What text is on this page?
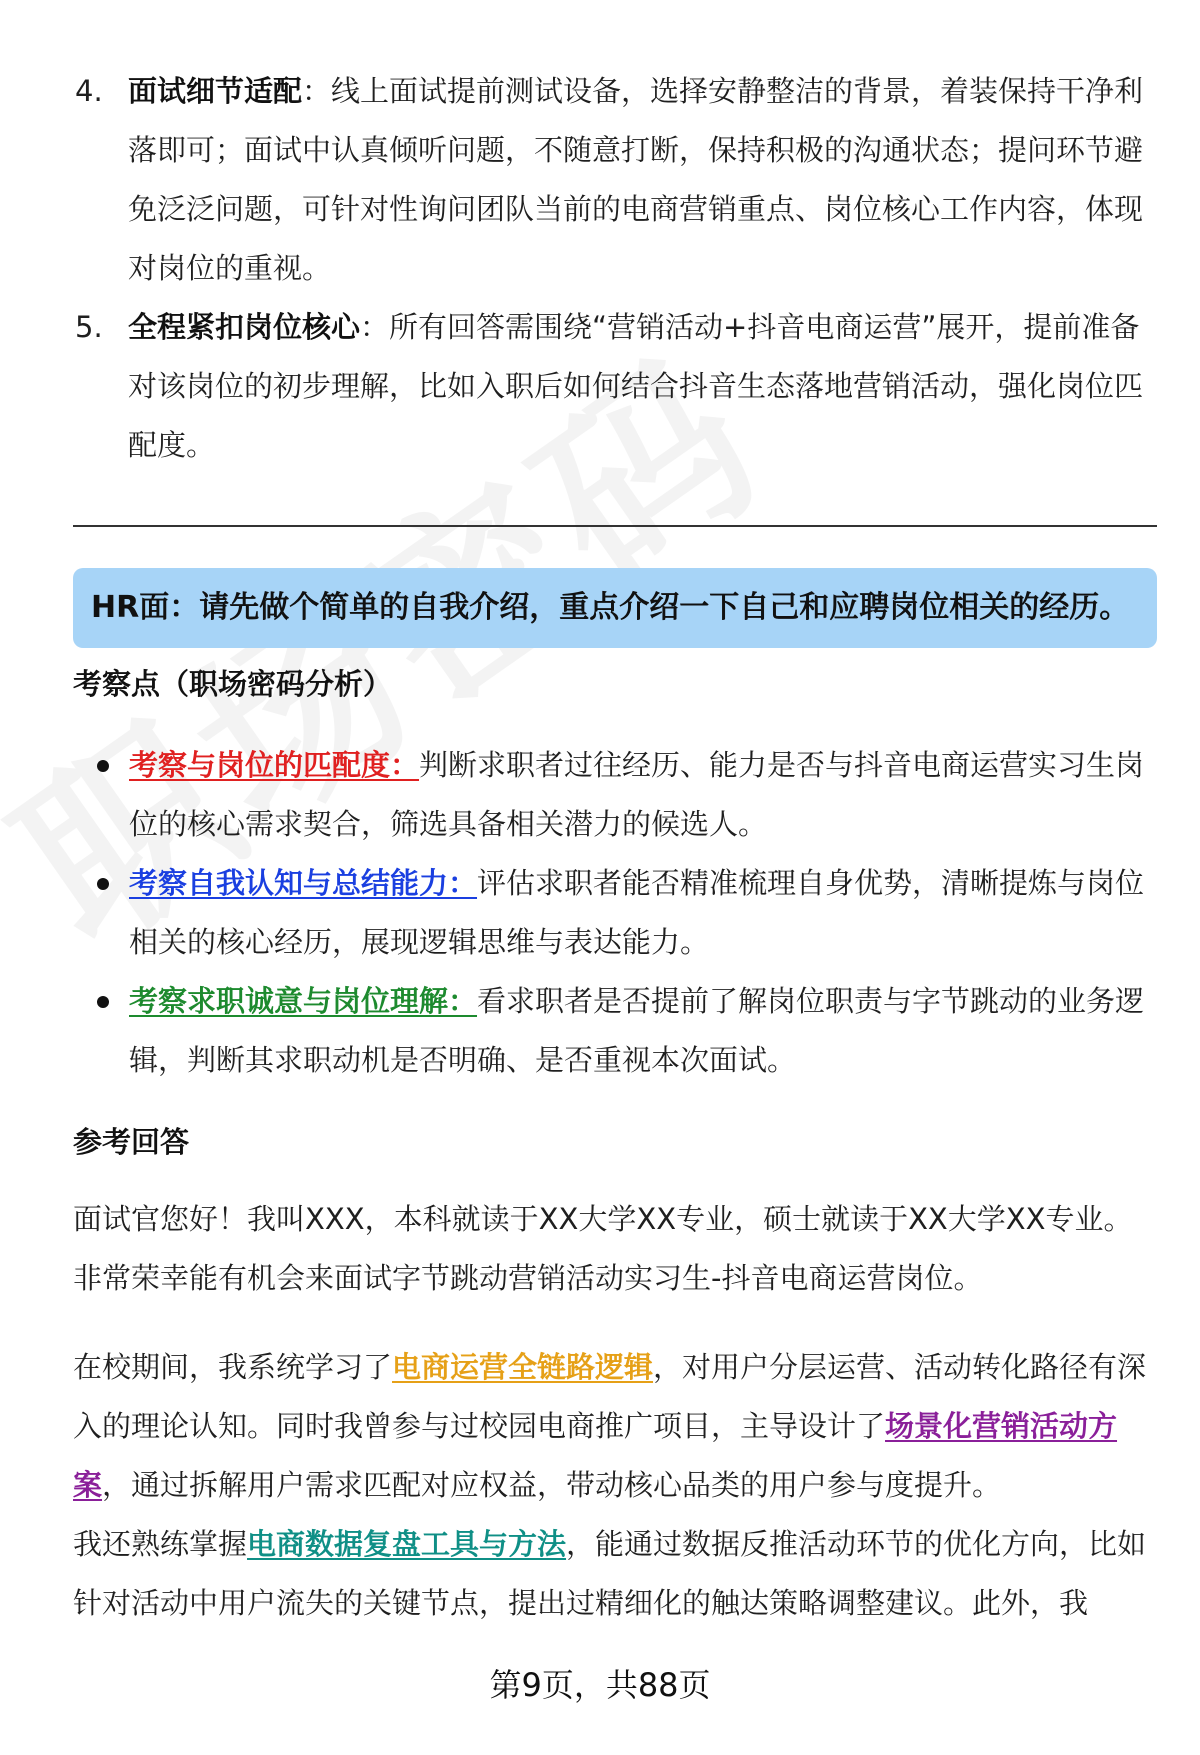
4. 面试细节适配：线上面试提前测试设备，选择安静整洁的背景，着装保持干净利落即可；面试中认真倾听问题，不随意打断，保持积极的沟通状态；提问环节避免泛泛问题，可针对性询问团队当前的电商营销重点、岗位核心工作内容，体现对岗位的重视。
5. 全程紧扣岗位核心：所有回答需围绕“营销活动+抖音电商运营”展开，提前准备对该岗位的初步理解，比如入职后如何结合抖音生态落地营销活动，强化岗位匹配度。
HR面：请先做个简单的自我介绍，重点介绍一下自己和应聘岗位相关的经历。
考察点（职场密码分析）
考察与岗位的匹配度：判断求职者过往经历、能力是否与抖音电商运营实习生岗位的核心需求契合，筛选具备相关潜力的候选人。
考察自我认知与总结能力：评估求职者能否精准梳理自身优势，清晰提炼与岗位相关的核心经历，展现逻辑思维与表达能力。
考察求职诚意与岗位理解：看求职者是否提前了解岗位职责与字节跳动的业务逻辑，判断其求职动机是否明确、是否重视本次面试。
参考回答
面试官您好！我叫XXX，本科就读于XX大学XX专业，硕士就读于XX大学XX专业。非常荣幸能有机会来面试字节跳动营销活动实习生-抖音电商运营岗位。
在校期间，我系统学习了电商运营全链路逻辑，对用户分层运营、活动转化路径有深入的理论认知。同时我曾参与过校园电商推广项目，主导设计了场景化营销活动方案，通过拆解用户需求匹配对应权益，带动核心品类的用户参与度提升。
我还熟练掌握电商数据复盘工具与方法，能通过数据反推活动环节的优化方向，比如针对活动中用户流失的关键节点，提出过精细化的触达策略调整建议。此外，我
第9页，共88页
